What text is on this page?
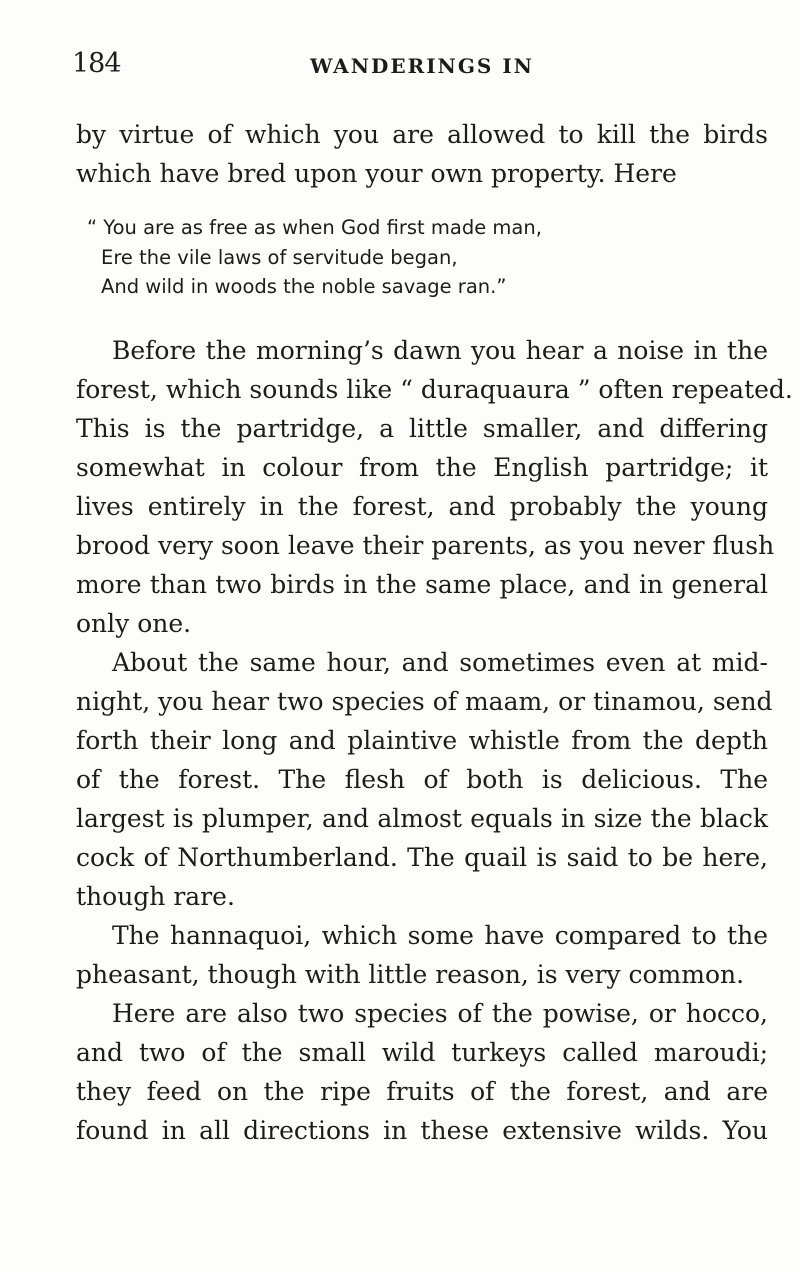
184	WANDERINGS IN
by virtue of which you are allowed to kill the birds
which have bred upon your own property. Here
“ You are as free as when God first made man,
Ere the vile laws of servitude began,
And wild in woods the noble savage ran.”
Before the morning’s dawn you hear a noise in the
forest, which sounds like “ duraquaura ” often repeated.
This is the partridge, a little smaller, and differing
somewhat in colour from the English partridge; it
lives entirely in the forest, and probably the young
brood very soon leave their parents, as you never flush
more than two birds in the same place, and in general
only one.
About the same hour, and sometimes even at mid-
night, you hear two species of maam, or tinamou, send
forth their long and plaintive whistle from the depth
of the forest. The flesh of both is delicious. The
largest is plumper, and almost equals in size the black
cock of Northumberland. The quail is said to be here,
though rare.
The hannaquoi, which some have compared to the
pheasant, though with little reason, is very common.
Here are also two species of the powise, or hocco,
and two of the small wild turkeys called maroudi;
they feed on the ripe fruits of the forest, and are
found in all directions in these extensive wilds. You
